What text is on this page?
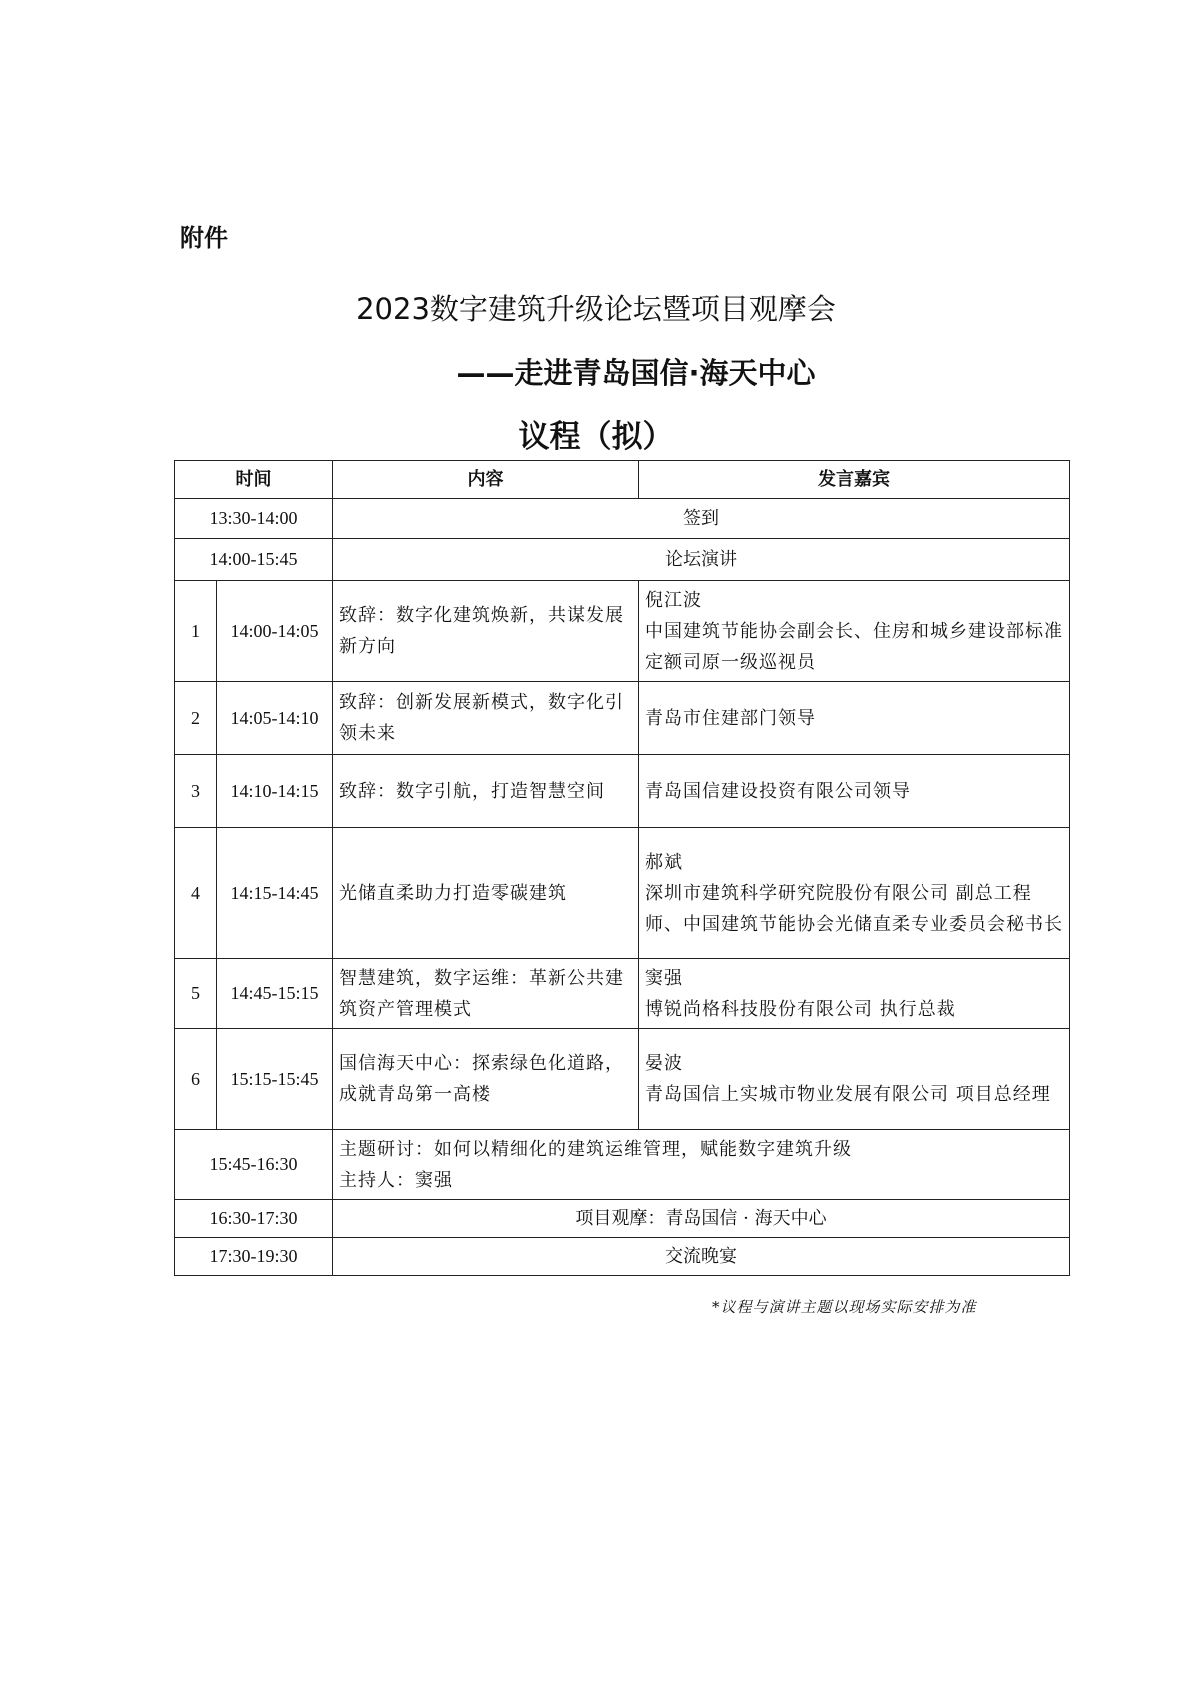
附件
2023数字建筑升级论坛暨项目观摩会
——走进青岛国信·海天中心
议程（拟）
时间		内容	发言嘉宾
13:30-14:00		签到	
14:00-15:45		论坛演讲	
1	14:00-14:05	致辞：数字化建筑焕新，共谋发展新方向	倪江波
中国建筑节能协会副会长、住房和城乡建设部标准定额司原一级巡视员
2	14:05-14:10	致辞：创新发展新模式，数字化引领未来	青岛市住建部门领导
3	14:10-14:15	致辞：数字引航，打造智慧空间	青岛国信建设投资有限公司领导
4	14:15-14:45	光储直柔助力打造零碳建筑	郝斌
深圳市建筑科学研究院股份有限公司 副总工程师、中国建筑节能协会光储直柔专业委员会秘书长
5	14:45-15:15	智慧建筑，数字运维：革新公共建筑资产管理模式	窦强
博锐尚格科技股份有限公司 执行总裁
6	15:15-15:45	国信海天中心：探索绿色化道路，成就青岛第一高楼	晏波
青岛国信上实城市物业发展有限公司 项目总经理
15:45-16:30		主题研讨：如何以精细化的建筑运维管理，赋能数字建筑升级
主持人：窦强	

16:30-17:30		项目观摩：青岛国信 · 海天中心	
17:30-19:30		交流晚宴	
*议程与演讲主题以现场实际安排为准
